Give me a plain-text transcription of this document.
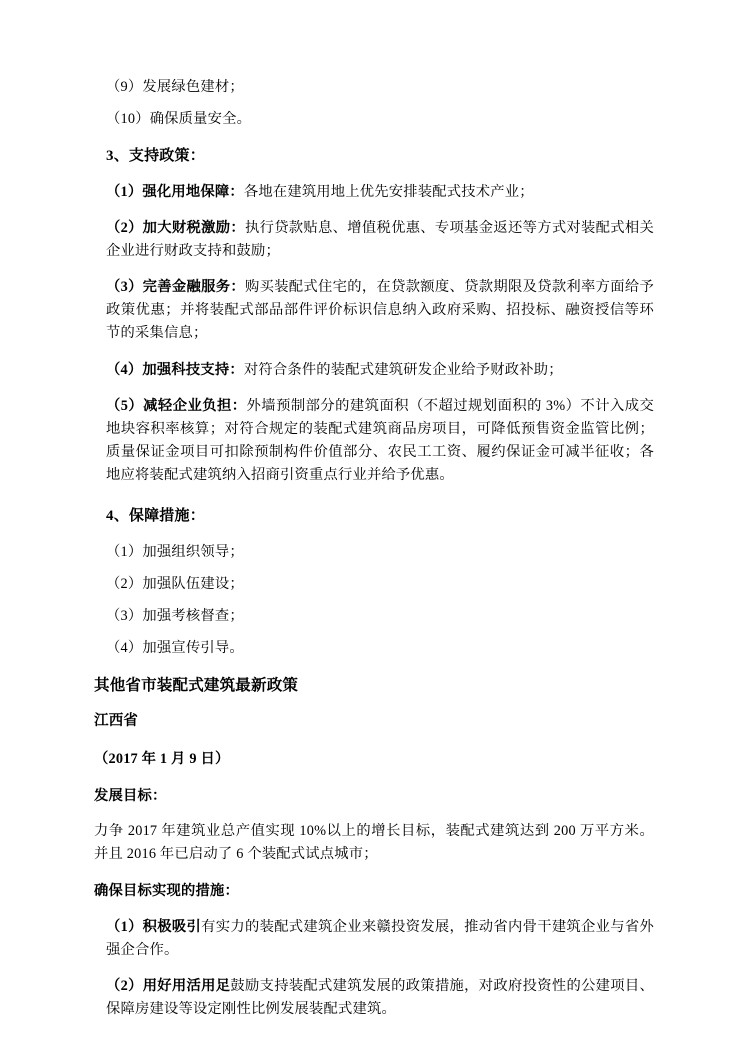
（9）发展绿色建材；

（10）确保质量安全。

3、支持政策：

（1）强化用地保障：各地在建筑用地上优先安排装配式技术产业；

（2）加大财税激励：执行贷款贴息、增值税优惠、专项基金返还等方式对装配式相关企业进行财政支持和鼓励；

（3）完善金融服务：购买装配式住宅的，在贷款额度、贷款期限及贷款利率方面给予政策优惠；并将装配式部品部件评价标识信息纳入政府采购、招投标、融资授信等环节的采集信息；

（4）加强科技支持：对符合条件的装配式建筑研发企业给予财政补助；

（5）减轻企业负担：外墙预制部分的建筑面积（不超过规划面积的 3%）不计入成交地块容积率核算；对符合规定的装配式建筑商品房项目，可降低预售资金监管比例；质量保证金项目可扣除预制构件价值部分、农民工工资、履约保证金可减半征收；各地应将装配式建筑纳入招商引资重点行业并给予优惠。

4、保障措施：

（1）加强组织领导；

（2）加强队伍建设；

（3）加强考核督查；

（4）加强宣传引导。

其他省市装配式建筑最新政策

江西省

（2017 年 1 月 9 日）

发展目标：

力争 2017 年建筑业总产值实现 10%以上的增长目标，装配式建筑达到 200 万平方米。并且 2016 年已启动了 6 个装配式试点城市；

确保目标实现的措施：

（1）积极吸引有实力的装配式建筑企业来赣投资发展，推动省内骨干建筑企业与省外强企合作。

（2）用好用活用足鼓励支持装配式建筑发展的政策措施，对政府投资性的公建项目、保障房建设等设定刚性比例发展装配式建筑。
